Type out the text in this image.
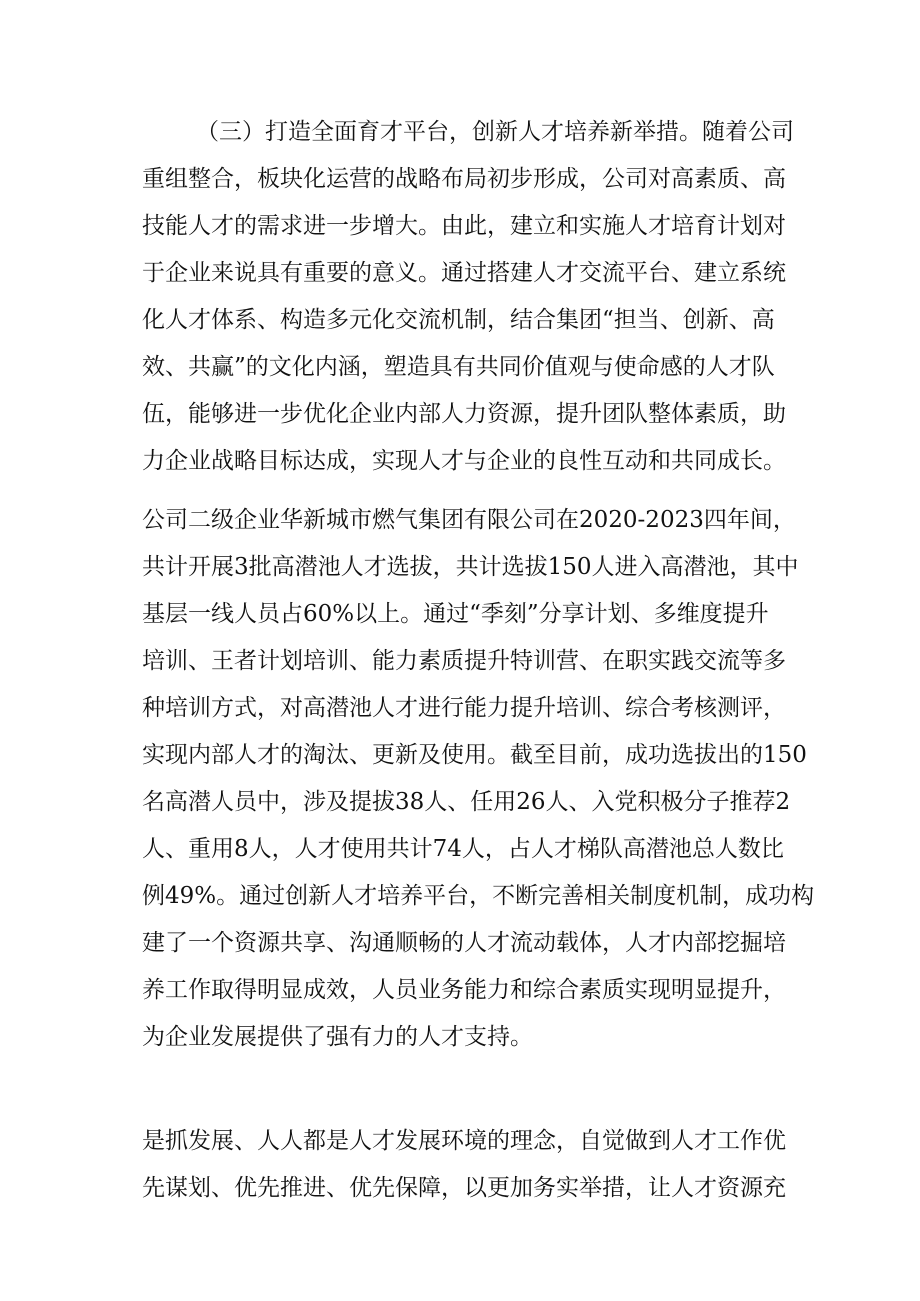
（三）打造全面育才平台，创新人才培养新举措。随着公司
重组整合，板块化运营的战略布局初步形成，公司对高素质、高
技能人才的需求进一步增大。由此，建立和实施人才培育计划对
于企业来说具有重要的意义。通过搭建人才交流平台、建立系统
化人才体系、构造多元化交流机制，结合集团“担当、创新、高
效、共赢”的文化内涵，塑造具有共同价值观与使命感的人才队
伍，能够进一步优化企业内部人力资源，提升团队整体素质，助
力企业战略目标达成，实现人才与企业的良性互动和共同成长。
公司二级企业华新城市燃气集团有限公司在2020-2023四年间，
共计开展3批高潜池人才选拔，共计选拔150人进入高潜池，其中
基层一线人员占60%以上。通过“季刻”分享计划、多维度提升
培训、王者计划培训、能力素质提升特训营、在职实践交流等多
种培训方式，对高潜池人才进行能力提升培训、综合考核测评，
实现内部人才的淘汰、更新及使用。截至目前，成功选拔出的150
名高潜人员中，涉及提拔38人、任用26人、入党积极分子推荐2
人、重用8人，人才使用共计74人，占人才梯队高潜池总人数比
例49%。通过创新人才培养平台，不断完善相关制度机制，成功构
建了一个资源共享、沟通顺畅的人才流动载体，人才内部挖掘培
养工作取得明显成效，人员业务能力和综合素质实现明显提升，
为企业发展提供了强有力的人才支持。
是抓发展、人人都是人才发展环境的理念，自觉做到人才工作优
先谋划、优先推进、优先保障，以更加务实举措，让人才资源充
